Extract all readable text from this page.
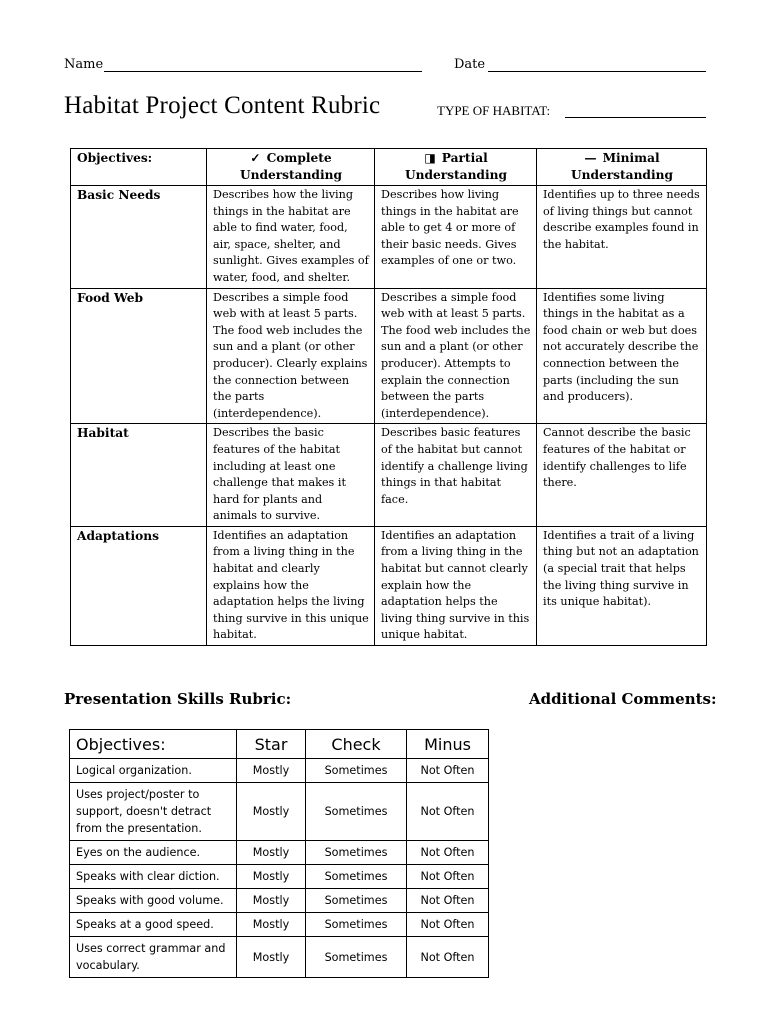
Name	Date
Habitat Project Content Rubric	TYPE OF HABITAT:
Objectives:	✓ Complete Understanding	◨ Partial Understanding	— Minimal Understanding
Basic Needs	Describes how the living things in the habitat are able to find water, food, air, space, shelter, and sunlight. Gives examples of water, food, and shelter.	Describes how living things in the habitat are able to get 4 or more of their basic needs. Gives examples of one or two.	Identifies up to three needs of living things but cannot describe examples found in the habitat.
Food Web	Describes a simple food web with at least 5 parts. The food web includes the sun and a plant (or other producer). Clearly explains the connection between the parts (interdependence).	Describes a simple food web with at least 5 parts. The food web includes the sun and a plant (or other producer). Attempts to explain the connection between the parts (interdependence).	Identifies some living things in the habitat as a food chain or web but does not accurately describe the connection between the parts (including the sun and producers).
Habitat	Describes the basic features of the habitat including at least one challenge that makes it hard for plants and animals to survive.	Describes basic features of the habitat but cannot identify a challenge living things in that habitat face.	Cannot describe the basic features of the habitat or identify challenges to life there.
Adaptations	Identifies an adaptation from a living thing in the habitat and clearly explains how the adaptation helps the living thing survive in this unique habitat.	Identifies an adaptation from a living thing in the habitat but cannot clearly explain how the adaptation helps the living thing survive in this unique habitat.	Identifies a trait of a living thing but not an adaptation (a special trait that helps the living thing survive in its unique habitat).
Presentation Skills Rubric:	Additional Comments:
Objectives:	Star	Check	Minus
Logical organization.	Mostly	Sometimes	Not Often
Uses project/poster to support, doesn't detract from the presentation.	Mostly	Sometimes	Not Often
Eyes on the audience.	Mostly	Sometimes	Not Often
Speaks with clear diction.	Mostly	Sometimes	Not Often
Speaks with good volume.	Mostly	Sometimes	Not Often
Speaks at a good speed.	Mostly	Sometimes	Not Often
Uses correct grammar and vocabulary.	Mostly	Sometimes	Not Often
